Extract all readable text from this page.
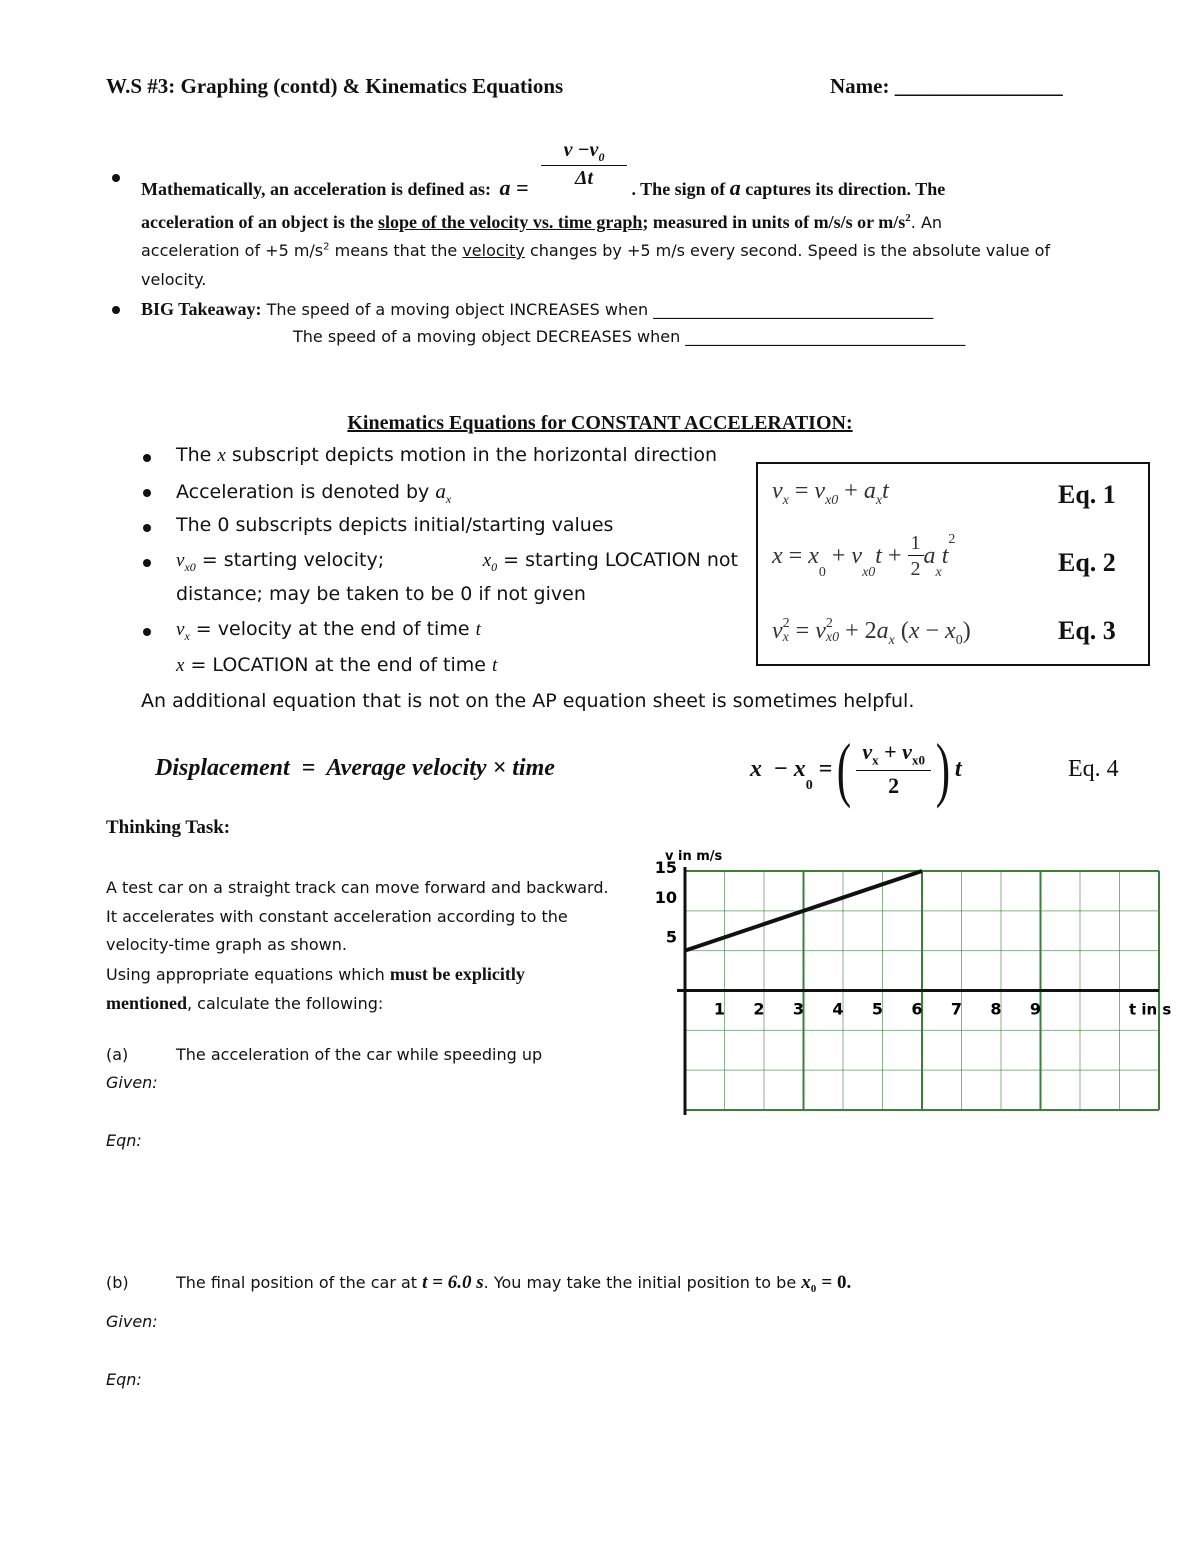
W.S #3: Graphing (contd) & Kinematics Equations	Name: ________________
Mathematically, an acceleration is defined as: $a = \frac{v -v_0}{\Delta t}$
. The sign of a captures its direction. The
acceleration of an object is the slope of the velocity vs. time graph; measured in units of m/s/s or $m/s^2$. An
acceleration of +5 $m/s^2$ means that the velocity changes by +5 m/s every second. Speed is the absolute value of
velocity.
BIG Takeaway: The speed of a moving object INCREASES when ___________________________________
The speed of a moving object DECREASES when ___________________________________
Kinematics Equations for CONSTANT ACCELERATION:
The x subscript depicts motion in the horizontal direction
Acceleration is denoted by $a_x$
The 0 subscripts depicts initial/starting values
$v_{x0}$ = starting velocity;	$x_0$ = starting LOCATION not
distance; may be taken to be 0 if not given
$v_x$ = velocity at the end of time t
x = LOCATION at the end of time t
An additional equation that is not on the AP equation sheet is sometimes helpful.
$v_x = v_{x0} + a_xt$	Eq. 1
x = x
$_0$
+ v
$_{x0}$
$t + \frac{1}{2}$ a
$_x$
t
$^2$
Eq. 2
v 2
x = v 2
$x0 + 2a_x$ $(x - x_0)$	Eq. 3
Displacement  =  Average velocity × time	x − x
$_0$
= ( $\frac{v_x + v_{x0}}{2}$ ) t	Eq. 4
Thinking Task:
A test car on a straight track can move forward and backward.
It accelerates with constant acceleration according to the
velocity-time graph as shown.
Using appropriate equations which must be explicitly
mentioned, calculate the following:
(a)	The acceleration of the car while speeding up
Given:
Eqn:
(b)	The final position of the car at t = 6.0 s. You may take the initial position to be $x_0 = 0$.
Given:
Eqn:
v in m/s
t in s
1 2 3 4 5 6 7 8 9
5
10
15
